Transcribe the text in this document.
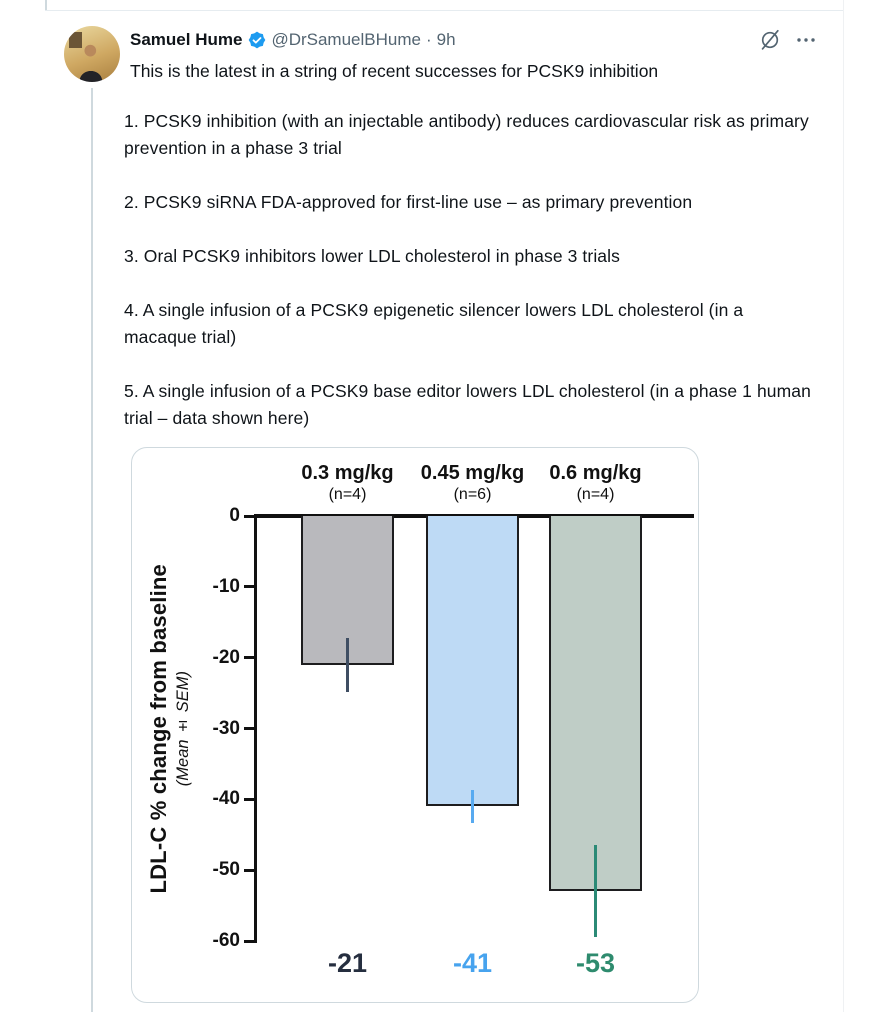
Samuel Hume @DrSamuelBHume · 9h
This is the latest in a string of recent successes for PCSK9 inhibition

1. PCSK9 inhibition (with an injectable antibody) reduces cardiovascular risk as primary prevention in a phase 3 trial

2. PCSK9 siRNA FDA-approved for first-line use – as primary prevention

3. Oral PCSK9 inhibitors lower LDL cholesterol in phase 3 trials

4. A single infusion of a PCSK9 epigenetic silencer lowers LDL cholesterol (in a macaque trial)

5. A single infusion of a PCSK9 base editor lowers LDL cholesterol (in a phase 1 human trial – data shown here)

LDL-C % change from baseline (Mean ± SEM)
0
-10
-20
-30
-40
-50
-60
0.3 mg/kg
(n=4)
-21
0.45 mg/kg
(n=6)
-41
0.6 mg/kg
(n=4)
-53
